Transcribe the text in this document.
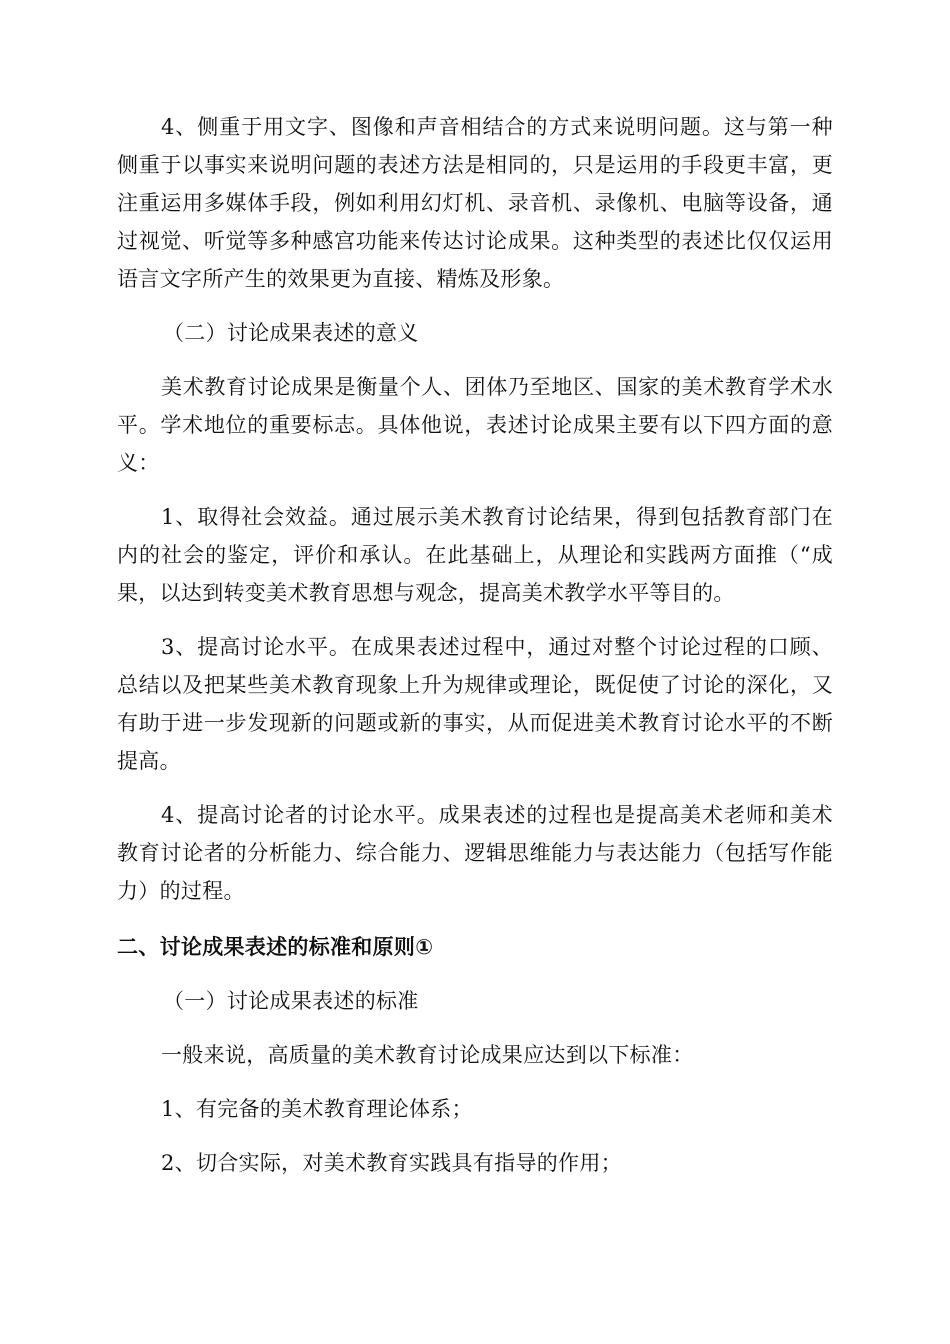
4、侧重于用文字、图像和声音相结合的方式来说明问题。这与第一种侧重于以事实来说明问题的表述方法是相同的，只是运用的手段更丰富，更注重运用多媒体手段，例如利用幻灯机、录音机、录像机、电脑等设备，通过视觉、听觉等多种感宫功能来传达讨论成果。这种类型的表述比仅仅运用语言文字所产生的效果更为直接、精炼及形象。

（二）讨论成果表述的意义

美术教育讨论成果是衡量个人、团体乃至地区、国家的美术教育学术水平。学术地位的重要标志。具体他说，表述讨论成果主要有以下四方面的意义：

1、取得社会效益。通过展示美术教育讨论结果，得到包括教育部门在内的社会的鉴定，评价和承认。在此基础上，从理论和实践两方面推（“成果，以达到转变美术教育思想与观念，提高美术教学水平等目的。

3、提高讨论水平。在成果表述过程中，通过对整个讨论过程的口顾、总结以及把某些美术教育现象上升为规律或理论，既促使了讨论的深化，又有助于进一步发现新的问题或新的事实，从而促进美术教育讨论水平的不断提高。

4、提高讨论者的讨论水平。成果表述的过程也是提高美术老师和美术教育讨论者的分析能力、综合能力、逻辑思维能力与表达能力（包括写作能力）的过程。

二、讨论成果表述的标准和原则①

（一）讨论成果表述的标准

一般来说，高质量的美术教育讨论成果应达到以下标准：

1、有完备的美术教育理论体系；

2、切合实际，对美术教育实践具有指导的作用；
